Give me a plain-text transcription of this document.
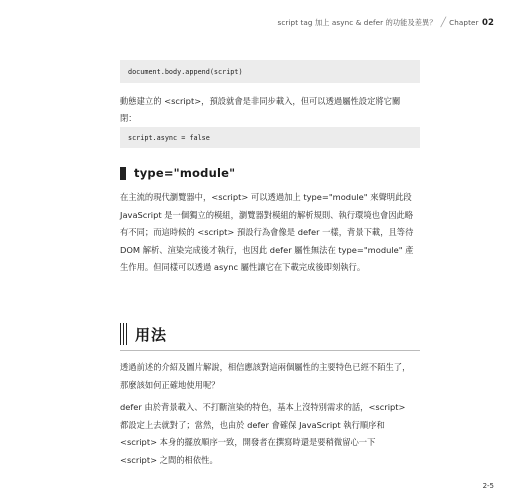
script tag 加上 async & defer 的功能及差異？ ╱ Chapter 02
document.body.append(script)

動態建立的 <script>，預設就會是非同步載入，但可以透過屬性設定將它關閉：

script.async = false
type="module"

在主流的現代瀏覽器中，<script> 可以透過加上 type="module" 來聲明此段 JavaScript 是一個獨立的模組，瀏覽器對模組的解析規則、執行環境也會因此略有不同；而這時候的 <script> 預設行為會像是 defer 一樣，背景下載，且等待 DOM 解析、渲染完成後才執行，也因此 defer 屬性無法在 type="module" 產生作用。但同樣可以透過 async 屬性讓它在下載完成後即刻執行。

用法

透過前述的介紹及圖片解說，相信應該對這兩個屬性的主要特色已經不陌生了，那麼該如何正確地使用呢？

defer 由於背景載入、不打斷渲染的特色，基本上沒特別需求的話，<script> 都設定上去就對了；當然，也由於 defer 會確保 JavaScript 執行順序和 <script> 本身的擺放順序一致，開發者在撰寫時還是要稍微留心一下 <script> 之間的相依性。

2-5
